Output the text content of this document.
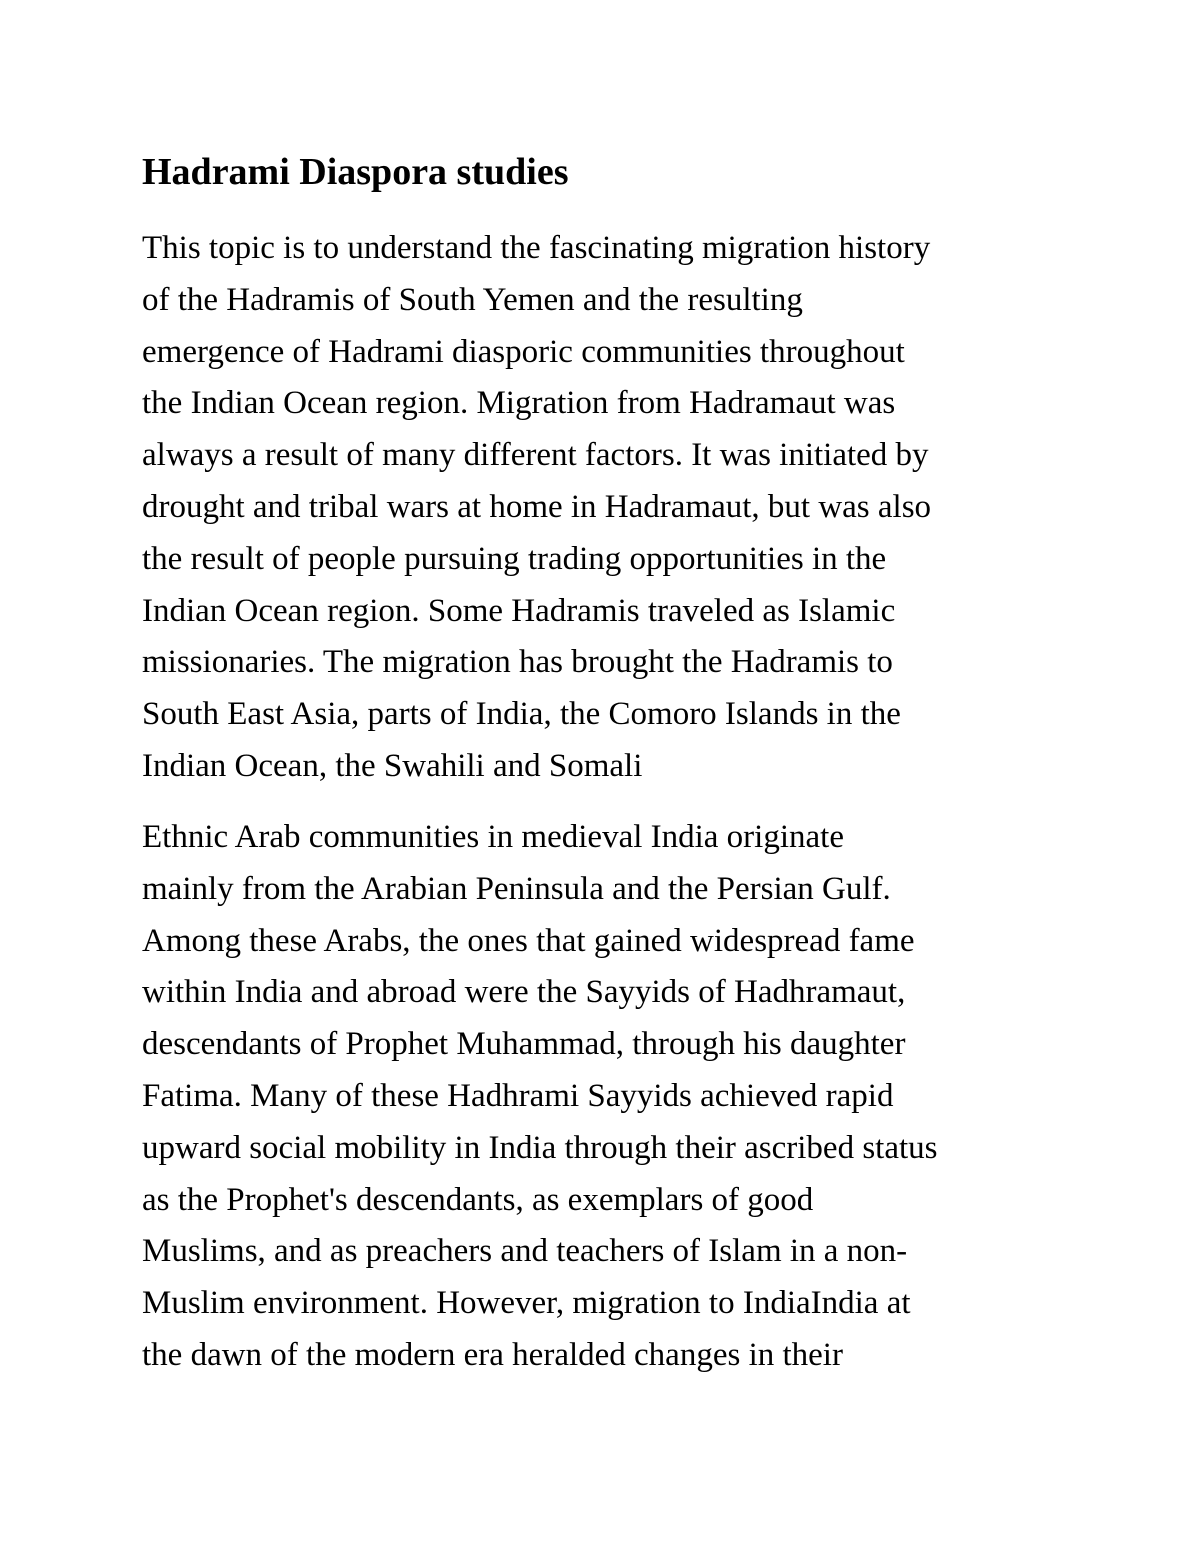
Hadrami Diaspora studies

This topic is to understand the fascinating migration history
of the Hadramis of South Yemen and the resulting
emergence of Hadrami diasporic communities throughout
the Indian Ocean region. Migration from Hadramaut was
always a result of many different factors. It was initiated by
drought and tribal wars at home in Hadramaut, but was also
the result of people pursuing trading opportunities in the
Indian Ocean region. Some Hadramis traveled as Islamic
missionaries. The migration has brought the Hadramis to
South East Asia, parts of India, the Comoro Islands in the
Indian Ocean, the Swahili and Somali

Ethnic Arab communities in medieval India originate
mainly from the Arabian Peninsula and the Persian Gulf.
Among these Arabs, the ones that gained widespread fame
within India and abroad were the Sayyids of Hadhramaut,
descendants of Prophet Muhammad, through his daughter
Fatima. Many of these Hadhrami Sayyids achieved rapid
upward social mobility in India through their ascribed status
as the Prophet's descendants, as exemplars of good
Muslims, and as preachers and teachers of Islam in a non-
Muslim environment. However, migration to IndiaIndia at
the dawn of the modern era heralded changes in their
